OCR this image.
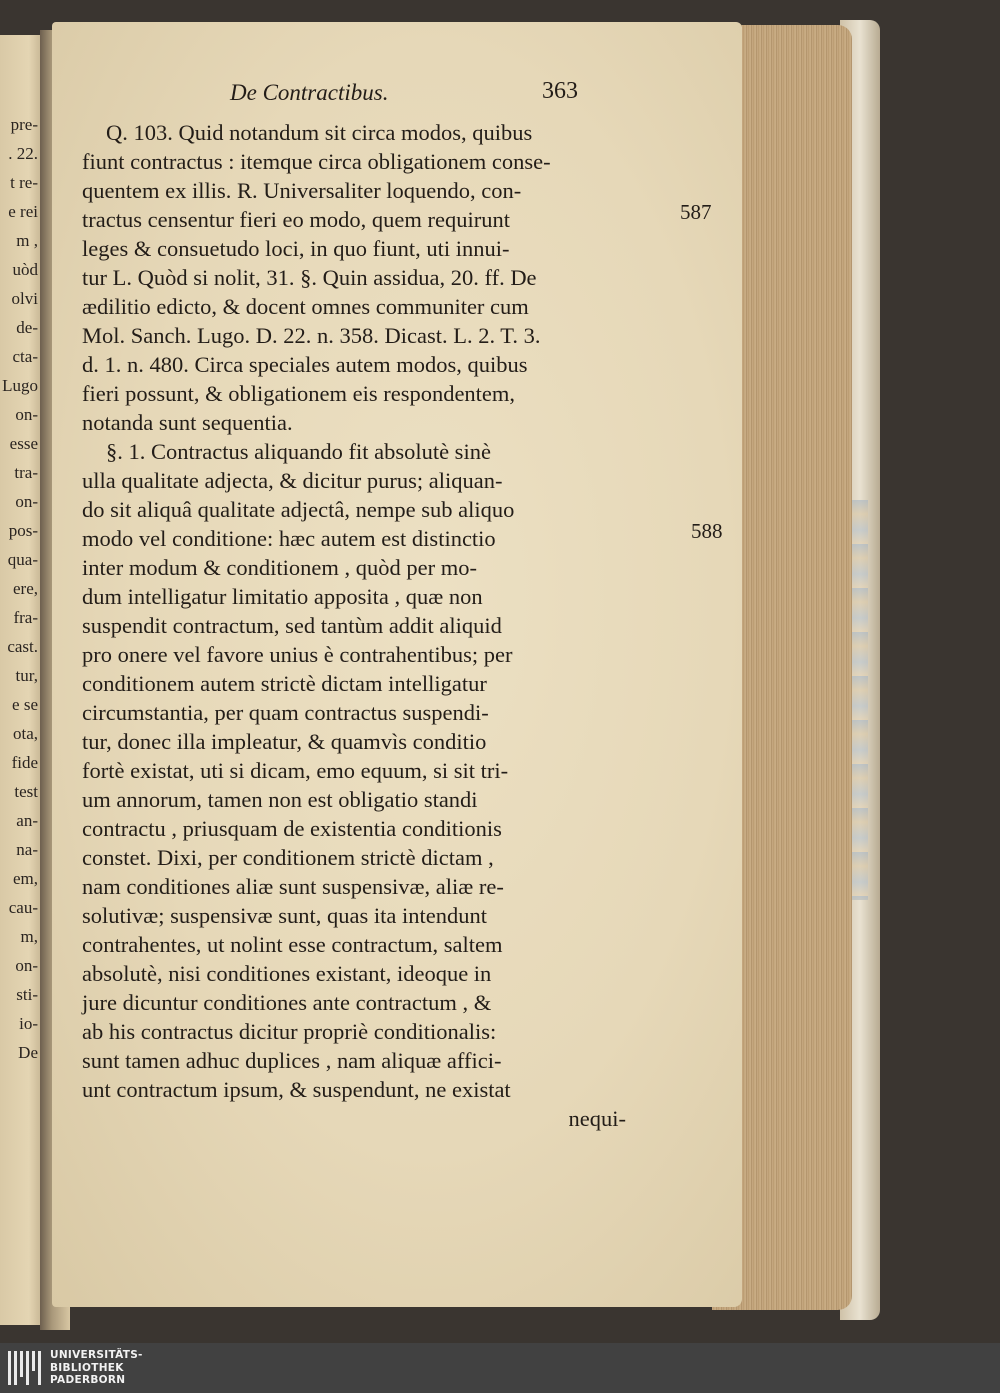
pre-
. 22.
t re-
e rei
m ,
uòd
olvi
de-
cta-
Lugo
on-
esse
tra-
on-
pos-
qua-
ere,
fra-
cast.
tur,
e se
ota,
fide
test
an-
na-
em,
cau-
m,
on-
sti-
io-
De
De Contractibus.	363
Q. 103. Quid notandum sit circa modos, quibus
fiunt contractus : itemque circa obligationem conse-
quentem ex illis. R. Universaliter loquendo, con-
tractus censentur fieri eo modo, quem requirunt
leges & consuetudo loci, in quo fiunt, uti innui-
tur L. Quòd si nolit, 31. §. Quin assidua, 20. ff. De
ædilitio edicto, & docent omnes communiter cum
Mol. Sanch. Lugo. D. 22. n. 358. Dicast. L. 2. T. 3.
d. 1. n. 480. Circa speciales autem modos, quibus
fieri possunt, & obligationem eis respondentem,
notanda sunt sequentia.
§. 1. Contractus aliquando fit absolutè sinè
ulla qualitate adjecta, & dicitur purus; aliquan-
do sit aliquâ qualitate adjectâ, nempe sub aliquo
modo vel conditione: hæc autem est distinctio
inter modum & conditionem , quòd per mo-
dum intelligatur limitatio apposita , quæ non
suspendit contractum, sed tantùm addit aliquid
pro onere vel favore unius è contrahentibus; per
conditionem autem strictè dictam intelligatur
circumstantia, per quam contractus suspendi-
tur, donec illa impleatur, & quamvìs conditio
fortè existat, uti si dicam, emo equum, si sit tri-
um annorum, tamen non est obligatio standi
contractu , priusquam de existentia conditionis
constet. Dixi, per conditionem strictè dictam ,
nam conditiones aliæ sunt suspensivæ, aliæ re-
solutivæ; suspensivæ sunt, quas ita intendunt
contrahentes, ut nolint esse contractum, saltem
absolutè, nisi conditiones existant, ideoque in
jure dicuntur conditiones ante contractum , &
ab his contractus dicitur propriè conditionalis:
sunt tamen adhuc duplices , nam aliquæ affici-
unt contractum ipsum, & suspendunt, ne existat
nequi-
587
588
UNIVERSITÄTS-
BIBLIOTHEK
PADERBORN
